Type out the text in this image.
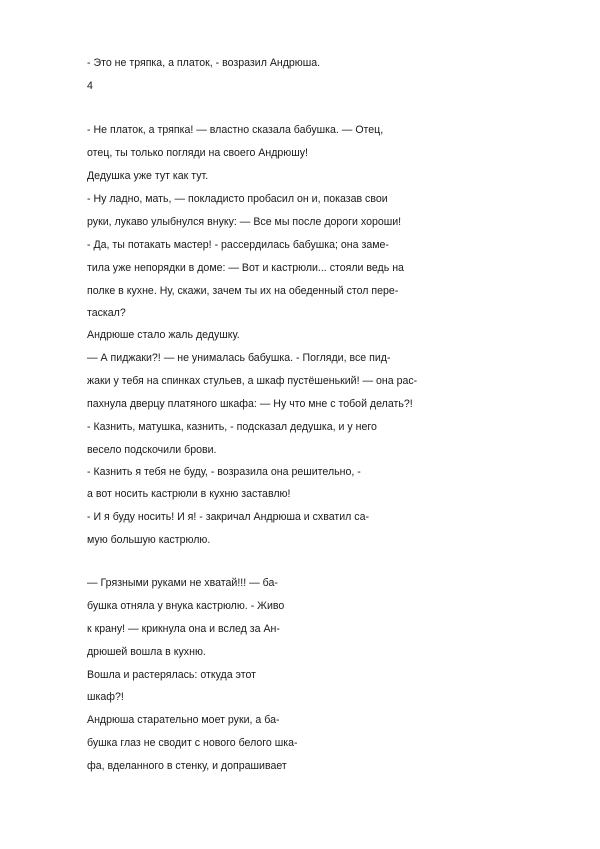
- Это не тряпка, а платок, - возразил Андрюша.
4
- Не платок, а тряпка! — властно сказала бабушка. — Отец,
отец, ты только погляди на своего Андрюшу!
Дедушка уже тут как тут.
- Ну ладно, мать, — покладисто пробасил он и, показав свои
руки, лукаво улыбнулся внуку: — Все мы после дороги хороши!
- Да, ты потакать мастер! - рассердилась бабушка; она заме-
тила уже непорядки в доме: — Вот и кастрюли... стояли ведь на
полке в кухне. Ну, скажи, зачем ты их на обеденный стол пере-
таскал?
Андрюше стало жаль дедушку.
— А пиджаки?! — не унималась бабушка. - Погляди, все пид-
жаки у тебя на спинках стульев, а шкаф пустёшенький! — она рас-
пахнула дверцу платяного шкафа: — Ну что мне с тобой делать?!
- Казнить, матушка, казнить, - подсказал дедушка, и у него
весело подскочили брови.
- Казнить я тебя не буду, - возразила она решительно, -
а вот носить кастрюли в кухню заставлю!
- И я буду носить! И я! - закричал Андрюша и схватил са-
мую большую кастрюлю.
— Грязными руками не хватай!!! — ба-
бушка отняла у внука кастрюлю. - Живо
к крану! — крикнула она и вслед за Ан-
дрюшей вошла в кухню.
Вошла и растерялась: откуда этот
шкаф?!
Андрюша старательно моет руки, а ба-
бушка глаз не сводит с нового белого шка-
фа, вделанного в стенку, и допрашивает
